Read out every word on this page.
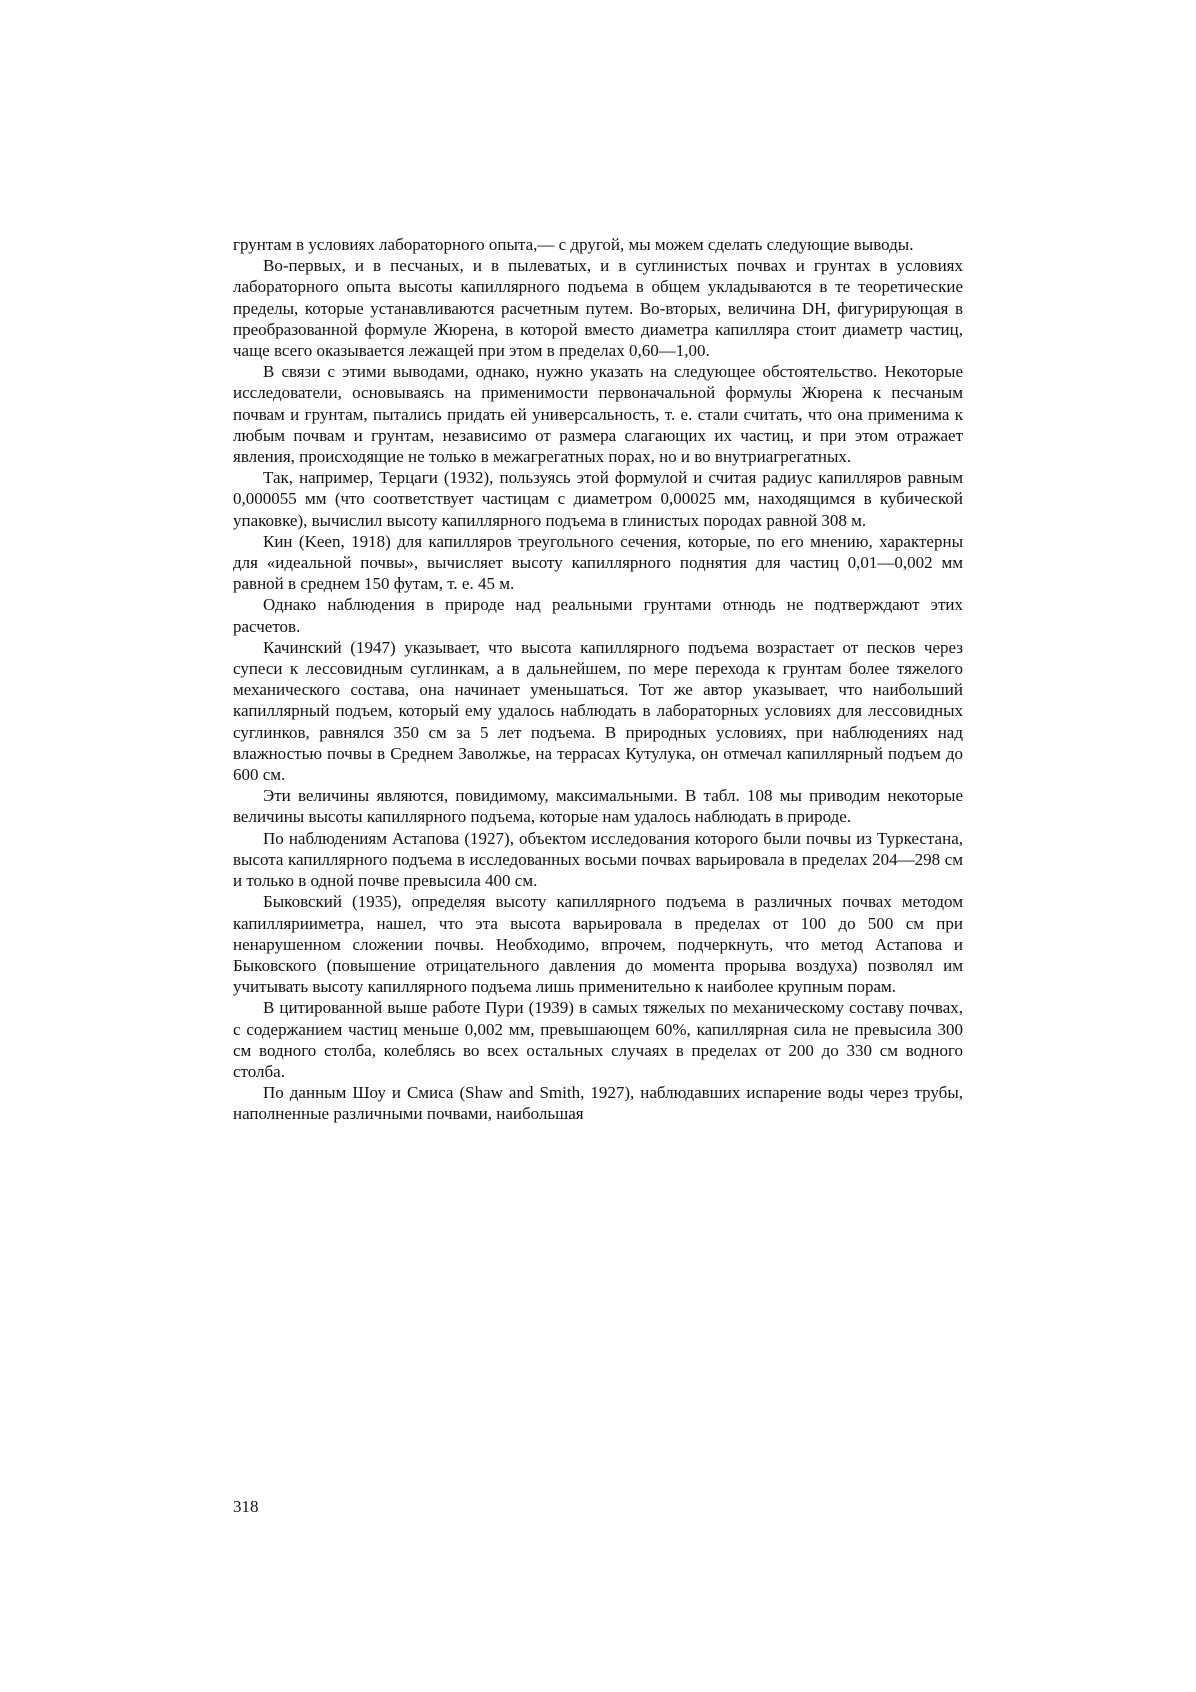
грунтам в условиях лабораторного опыта,— с другой, мы можем сделать следующие выводы.

Во-первых, и в песчаных, и в пылеватых, и в суглинистых почвах и грунтах в условиях лабораторного опыта высоты капиллярного подъема в общем укладываются в те теоретические пределы, которые устанавливаются расчетным путем. Во-вторых, величина DH, фигурирующая в преобразованной формуле Жюрена, в которой вместо диаметра капилляра стоит диаметр частиц, чаще всего оказывается лежащей при этом в пределах 0,60—1,00.

В связи с этими выводами, однако, нужно указать на следующее обстоятельство. Некоторые исследователи, основываясь на применимости первоначальной формулы Жюрена к песчаным почвам и грунтам, пытались придать ей универсальность, т. е. стали считать, что она применима к любым почвам и грунтам, независимо от размера слагающих их частиц, и при этом отражает явления, происходящие не только в межагрегатных порах, но и во внутриагрегатных.

Так, например, Терцаги (1932), пользуясь этой формулой и считая радиус капилляров равным 0,000055 мм (что соответствует частицам с диаметром 0,00025 мм, находящимся в кубической упаковке), вычислил высоту капиллярного подъема в глинистых породах равной 308 м.

Кин (Keen, 1918) для капилляров треугольного сечения, которые, по его мнению, характерны для «идеальной почвы», вычисляет высоту капиллярного поднятия для частиц 0,01—0,002 мм равной в среднем 150 футам, т. е. 45 м.

Однако наблюдения в природе над реальными грунтами отнюдь не подтверждают этих расчетов.

Качинский (1947) указывает, что высота капиллярного подъема возрастает от песков через супеси к лессовидным суглинкам, а в дальнейшем, по мере перехода к грунтам более тяжелого механического состава, она начинает уменьшаться. Тот же автор указывает, что наибольший капиллярный подъем, который ему удалось наблюдать в лабораторных условиях для лессовидных суглинков, равнялся 350 см за 5 лет подъема. В природных условиях, при наблюдениях над влажностью почвы в Среднем Заволжье, на террасах Кутулука, он отмечал капиллярный подъем до 600 см.

Эти величины являются, повидимому, максимальными. В табл. 108 мы приводим некоторые величины высоты капиллярного подъема, которые нам удалось наблюдать в природе.

По наблюдениям Астапова (1927), объектом исследования которого были почвы из Туркестана, высота капиллярного подъема в исследованных восьми почвах варьировала в пределах 204—298 см и только в одной почве превысила 400 см.

Быковский (1935), определяя высоту капиллярного подъема в различных почвах методом капиллярииметра, нашел, что эта высота варьировала в пределах от 100 до 500 см при ненарушенном сложении почвы. Необходимо, впрочем, подчеркнуть, что метод Астапова и Быковского (повышение отрицательного давления до момента прорыва воздуха) позволял им учитывать высоту капиллярного подъема лишь применительно к наиболее крупным порам.

В цитированной выше работе Пури (1939) в самых тяжелых по механическому составу почвах, с содержанием частиц меньше 0,002 мм, превышающем 60%, капиллярная сила не превысила 300 см водного столба, колеблясь во всех остальных случаях в пределах от 200 до 330 см водного столба.

По данным Шоу и Смиса (Shaw and Smith, 1927), наблюдавших испарение воды через трубы, наполненные различными почвами, наибольшая

318
